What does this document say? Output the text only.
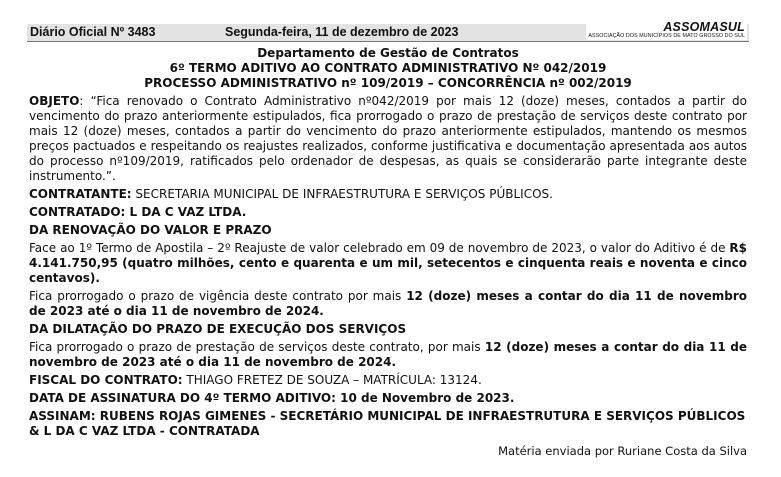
Diário Oficial Nº 3483	Segunda-feira, 11 de dezembro de 2023	ASSOMASUL
ASSOCIAÇÃO DOS MUNICÍPIOS DE MATO GROSSO DO SUL

Departamento de Gestão de Contratos

6º TERMO ADITIVO AO CONTRATO ADMINISTRATIVO Nº 042/2019

PROCESSO ADMINISTRATIVO nº 109/2019 – CONCORRÊNCIA nº 002/2019

OBJETO: “Fica renovado o Contrato Administrativo nº042/2019 por mais 12 (doze) meses, contados a partir do vencimento do prazo anteriormente estipulados, fica prorrogado o prazo de prestação de serviços deste contrato por mais 12 (doze) meses, contados a partir do vencimento do prazo anteriormente estipulados, mantendo os mesmos preços pactuados e respeitando os reajustes realizados, conforme justificativa e documentação apresentada aos autos do processo nº109/2019, ratificados pelo ordenador de despesas, as quais se considerarão parte integrante deste instrumento.”.

CONTRATANTE: SECRETARIA MUNICIPAL DE INFRAESTRUTURA E SERVIÇOS PÚBLICOS.

CONTRATADO: L DA C VAZ LTDA.

DA RENOVAÇÃO DO VALOR E PRAZO

Face ao 1º Termo de Apostila – 2º Reajuste de valor celebrado em 09 de novembro de 2023, o valor do Aditivo é de R$ 4.141.750,95 (quatro milhões, cento e quarenta e um mil, setecentos e cinquenta reais e noventa e cinco centavos).

Fica prorrogado o prazo de vigência deste contrato por mais 12 (doze) meses a contar do dia 11 de novembro de 2023 até o dia 11 de novembro de 2024.

DA DILATAÇÃO DO PRAZO DE EXECUÇÃO DOS SERVIÇOS

Fica prorrogado o prazo de prestação de serviços deste contrato, por mais 12 (doze) meses a contar do dia 11 de novembro de 2023 até o dia 11 de novembro de 2024.

FISCAL DO CONTRATO: THIAGO FRETEZ DE SOUZA – MATRÍCULA: 13124.

DATA DE ASSINATURA DO 4º TERMO ADITIVO: 10 de Novembro de 2023.

ASSINAM: RUBENS ROJAS GIMENES - SECRETÁRIO MUNICIPAL DE INFRAESTRUTURA E SERVIÇOS PÚBLICOS & L DA C VAZ LTDA - CONTRATADA

Matéria enviada por Ruriane Costa da Silva
